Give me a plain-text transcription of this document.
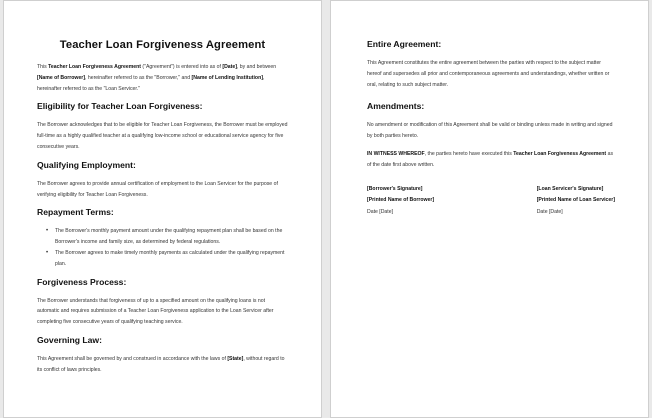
Teacher Loan Forgiveness Agreement

This Teacher Loan Forgiveness Agreement ("Agreement") is entered into as of [Date], by and between [Name of Borrower], hereinafter referred to as the "Borrower," and [Name of Lending Institution], hereinafter referred to as the "Loan Servicer."

Eligibility for Teacher Loan Forgiveness:

The Borrower acknowledges that to be eligible for Teacher Loan Forgiveness, the Borrower must be employed full-time as a highly qualified teacher at a qualifying low-income school or educational service agency for five consecutive years.

Qualifying Employment:

The Borrower agrees to provide annual certification of employment to the Loan Servicer for the purpose of verifying eligibility for Teacher Loan Forgiveness.

Repayment Terms:
• The Borrower's monthly payment amount under the qualifying repayment plan shall be based on the Borrower's income and family size, as determined by federal regulations.
• The Borrower agrees to make timely monthly payments as calculated under the qualifying repayment plan.
Forgiveness Process:

The Borrower understands that forgiveness of up to a specified amount on the qualifying loans is not automatic and requires submission of a Teacher Loan Forgiveness application to the Loan Servicer after completing five consecutive years of qualifying teaching service.

Governing Law:

This Agreement shall be governed by and construed in accordance with the laws of [State], without regard to its conflict of laws principles.

Entire Agreement:

This Agreement constitutes the entire agreement between the parties with respect to the subject matter hereof and supersedes all prior and contemporaneous agreements and understandings, whether written or oral, relating to such subject matter.

Amendments:

No amendment or modification of this Agreement shall be valid or binding unless made in writing and signed by both parties hereto.

IN WITNESS WHEREOF, the parties hereto have executed this Teacher Loan Forgiveness Agreement as of the date first above written.

[Borrower's Signature]	[Loan Servicer's Signature]
[Printed Name of Borrower]	[Printed Name of Loan Servicer]
Date [Date]	Date [Date]
